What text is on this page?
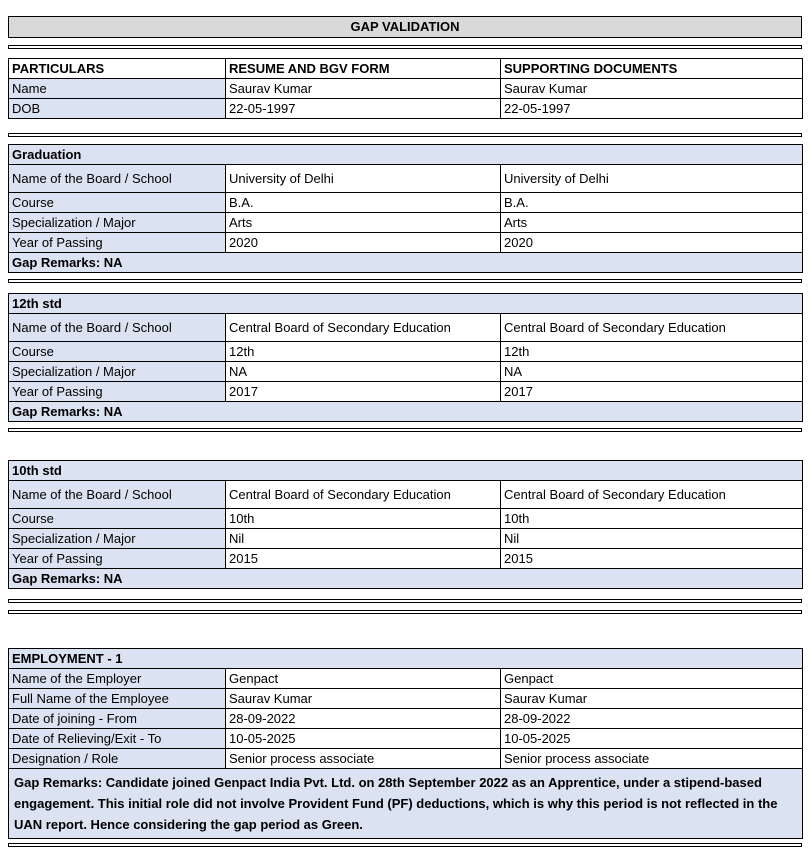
GAP VALIDATION
PARTICULARS	RESUME AND BGV FORM	SUPPORTING DOCUMENTS
Name	Saurav Kumar	Saurav Kumar
DOB	22-05-1997	22-05-1997
Graduation		
Name of the Board / School	University of Delhi	University of Delhi
Course	B.A.	B.A.
Specialization / Major	Arts	Arts
Year of Passing	2020	2020
Gap Remarks: NA		
12th std		
Name of the Board / School	Central Board of Secondary Education	Central Board of Secondary Education
Course	12th	12th
Specialization / Major	NA	NA
Year of Passing	2017	2017
Gap Remarks: NA		
10th std		
Name of the Board / School	Central Board of Secondary Education	Central Board of Secondary Education
Course	10th	10th
Specialization / Major	Nil	Nil
Year of Passing	2015	2015
Gap Remarks: NA		
EMPLOYMENT - 1		
Name of the Employer	Genpact	Genpact
Full Name of the Employee	Saurav Kumar	Saurav Kumar
Date of joining - From	28-09-2022	28-09-2022
Date of Relieving/Exit - To	10-05-2025	10-05-2025
Designation / Role	Senior process associate	Senior process associate
Gap Remarks: Candidate joined Genpact India Pvt. Ltd. on 28th September 2022 as an Apprentice, under a stipend-based engagement. This initial role did not involve Provident Fund (PF) deductions, which is why this period is not reflected in the UAN report. Hence considering the gap period as Green.		
